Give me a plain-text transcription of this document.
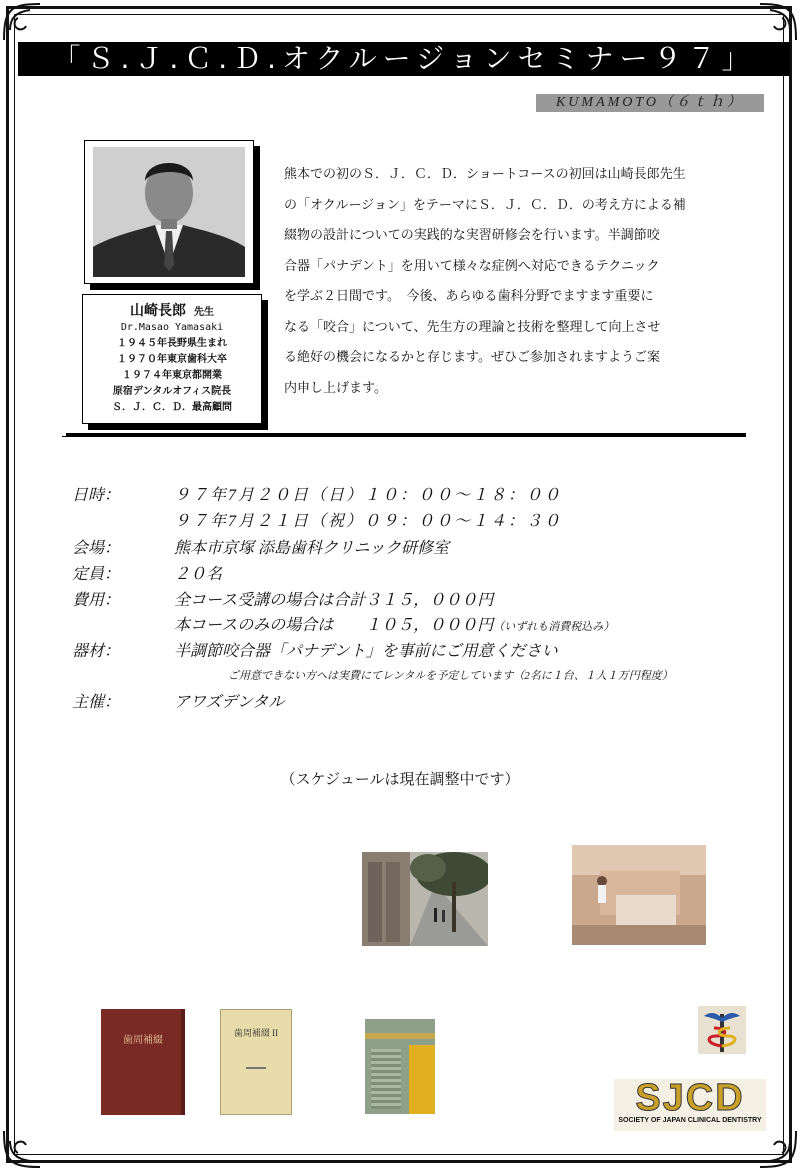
「Ｓ.Ｊ.Ｃ.Ｄ.オクルージョンセミナー９７」
KUMAMOTO（６ｔｈ）
山崎長郎 先生
Dr.Masao Yamasaki
１９４５年長野県生まれ
１９７０年東京歯科大卒
１９７４年東京都開業
原宿デンタルオフィス院長
Ｓ．Ｊ．Ｃ．Ｄ．最高顧問
熊本での初のＳ．Ｊ．Ｃ．Ｄ．ショートコースの初回は山崎長郎先生
の「オクルージョン」をテーマにＳ．Ｊ．Ｃ．Ｄ．の考え方による補
綴物の設計についての実践的な実習研修会を行います。半調節咬
合器「パナデント」を用いて様々な症例へ対応できるテクニック
を学ぶ２日間です。　今後、あらゆる歯科分野でますます重要に
なる「咬合」について、先生方の理論と技術を整理して向上させ
る絶好の機会になるかと存じます。ぜひご参加されますようご案
内申し上げます。
日時：	９７年7月２０日（日）１０：００～１８：００
９７年7月２１日（祝）０９：００～１４：３０
会場：	熊本市京塚 添島歯科クリニック研修室
定員：	２０名
費用：	全コース受講の場合は合計３１５，０００円
本コースのみの場合は　　１０５，０００円（いずれも消費税込み）
器材：	半調節咬合器「パナデント」を事前にご用意ください
ご用意できない方へは実費にてレンタルを予定しています（2名に１台、１人１万円程度）
主催：	アワズデンタル
（スケジュールは現在調整中です）
歯周補綴
歯周補綴 II
SJCD
SOCIETY OF JAPAN CLINICAL DENTISTRY
